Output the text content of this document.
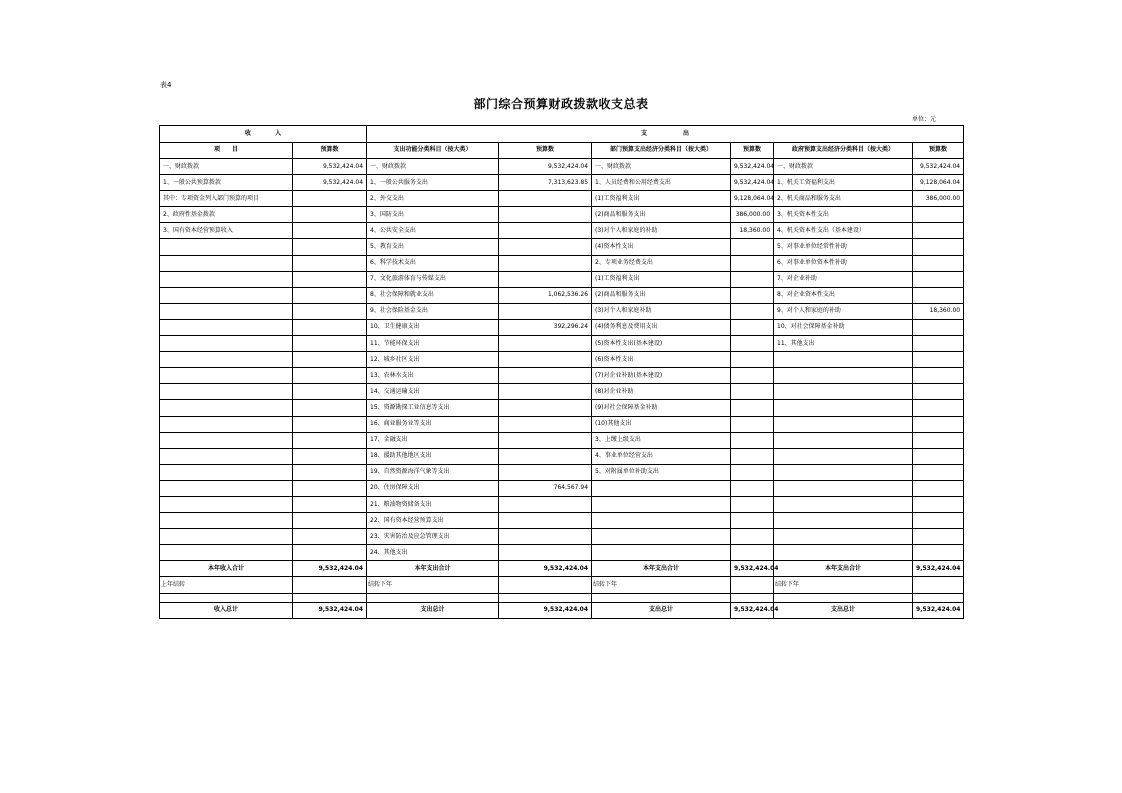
表4
部门综合预算财政拨款收支总表
单位：元
收　　　　入		支　　　　　　出					
项　　目	预算数	支出功能分类科目（按大类）	预算数	部门预算支出经济分类科目（按大类）	预算数	政府预算支出经济分类科目（按大类）	预算数
一、财政拨款	9,532,424.04	一、财政拨款	9,532,424.04	一、财政拨款	9,532,424.04	一、财政拨款	9,532,424.04
1、一般公共预算拨款	9,532,424.04	1、一般公共服务支出	7,313,623.85	1、人员经费和公用经费支出	9,532,424.04	1、机关工资福利支出	9,128,064.04
其中：专项资金列入部门预算的项目		2、外交支出		(1)工资福利支出	9,128,064.04	2、机关商品和服务支出	386,000.00
2、政府性基金拨款		3、国防支出		(2)商品和服务支出	386,000.00	3、机关资本性支出	
3、国有资本经营预算收入		4、公共安全支出		(3)对个人和家庭的补助	18,360.00	4、机关资本性支出（基本建设）	
		5、教育支出		(4)资本性支出		5、对事业单位经常性补助	
		6、科学技术支出		2、专项业务经费支出		6、对事业单位资本性补助	
		7、文化旅游体育与传媒支出		(1)工资福利支出		7、对企业补助	
		8、社会保障和就业支出	1,062,536.26	(2)商品和服务支出		8、对企业资本性支出	
		9、社会保险基金支出		(3)对个人和家庭补助		9、对个人和家庭的补助	18,360.00
		10、卫生健康支出	392,296.24	(4)债务利息及费用支出		10、对社会保障基金补助	
		11、节能环保支出		(5)资本性支出(基本建设)		11、其他支出	
		12、城乡社区支出		(6)资本性支出			
		13、农林水支出		(7)对企业补助(基本建设)			
		14、交通运输支出		(8)对企业补助			
		15、资源勘探工业信息等支出		(9)对社会保障基金补助			
		16、商业服务业等支出		(10)其他支出			
		17、金融支出		3、上缴上级支出			
		18、援助其他地区支出		4、事业单位经营支出			
		19、自然资源海洋气象等支出		5、对附属单位补助支出			
		20、住房保障支出	764,567.94				
		21、粮油物资储备支出					
		22、国有资本经营预算支出					
		23、灾害防治及应急管理支出					
		24、其他支出					
本年收入合计	9,532,424.04	本年支出合计	9,532,424.04	本年支出合计	9,532,424.04	本年支出合计	9,532,424.04
上年结转		结转下年		结转下年		结转下年	

收入总计	9,532,424.04	支出总计	9,532,424.04	支出总计	9,532,424.04	支出总计	9,532,424.04
